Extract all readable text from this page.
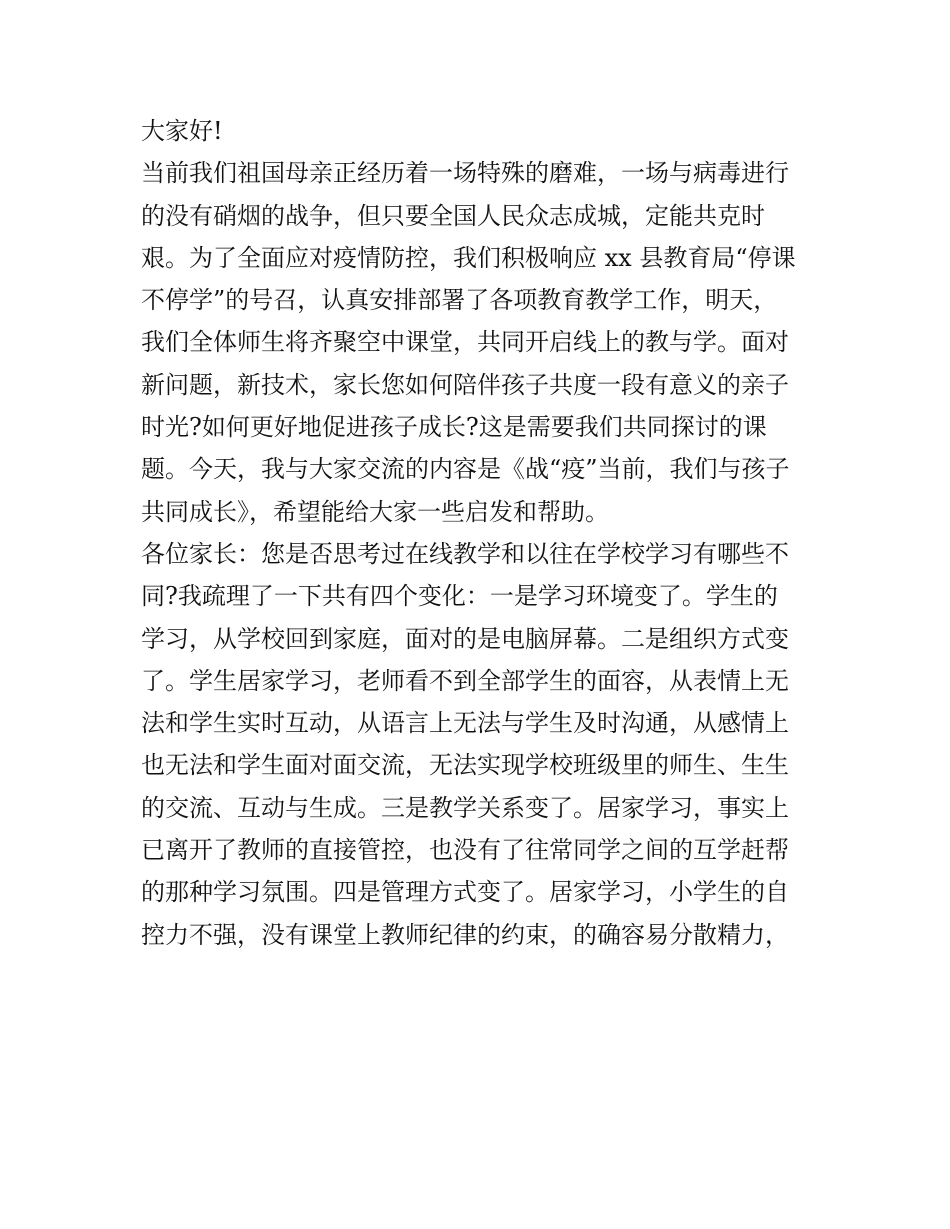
大家好!
当前我们祖国母亲正经历着一场特殊的磨难，一场与病毒进行
的没有硝烟的战争，但只要全国人民众志成城，定能共克时
艰。为了全面应对疫情防控，我们积极响应 xx 县教育局“停课
不停学”的号召，认真安排部署了各项教育教学工作，明天，
我们全体师生将齐聚空中课堂，共同开启线上的教与学。面对
新问题，新技术，家长您如何陪伴孩子共度一段有意义的亲子
时光?如何更好地促进孩子成长?这是需要我们共同探讨的课
题。今天，我与大家交流的内容是《战“疫”当前，我们与孩子
共同成长》，希望能给大家一些启发和帮助。
各位家长：您是否思考过在线教学和以往在学校学习有哪些不
同?我疏理了一下共有四个变化：一是学习环境变了。学生的
学习，从学校回到家庭，面对的是电脑屏幕。二是组织方式变
了。学生居家学习，老师看不到全部学生的面容，从表情上无
法和学生实时互动，从语言上无法与学生及时沟通，从感情上
也无法和学生面对面交流，无法实现学校班级里的师生、生生
的交流、互动与生成。三是教学关系变了。居家学习，事实上
已离开了教师的直接管控，也没有了往常同学之间的互学赶帮
的那种学习氛围。四是管理方式变了。居家学习，小学生的自
控力不强，没有课堂上教师纪律的约束，的确容易分散精力，
